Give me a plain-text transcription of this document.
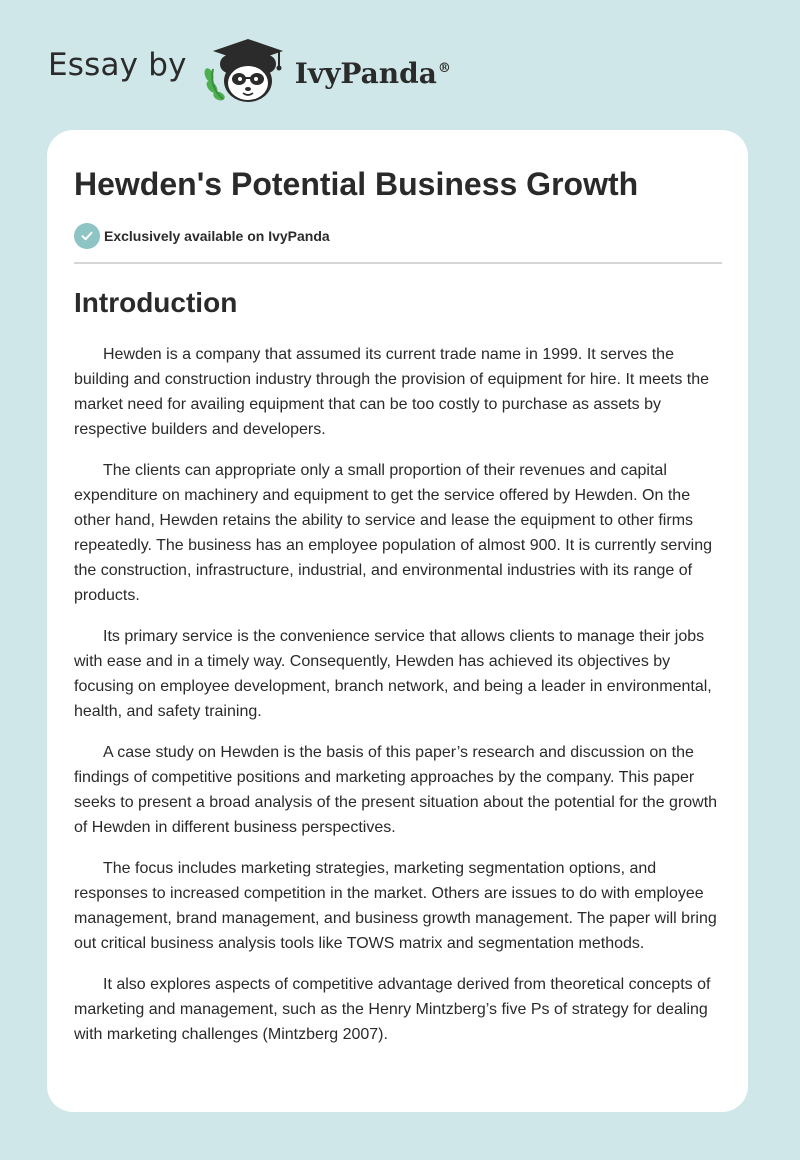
Essay by	IvyPanda®
Hewden's Potential Business Growth
Exclusively available on IvyPanda
Introduction

Hewden is a company that assumed its current trade name in 1999. It serves the building and construction industry through the provision of equipment for hire. It meets the market need for availing equipment that can be too costly to purchase as assets by respective builders and developers.

The clients can appropriate only a small proportion of their revenues and capital expenditure on machinery and equipment to get the service offered by Hewden. On the other hand, Hewden retains the ability to service and lease the equipment to other firms repeatedly. The business has an employee population of almost 900. It is currently serving the construction, infrastructure, industrial, and environmental industries with its range of products.

Its primary service is the convenience service that allows clients to manage their jobs with ease and in a timely way. Consequently, Hewden has achieved its objectives by focusing on employee development, branch network, and being a leader in environmental, health, and safety training.

A case study on Hewden is the basis of this paper’s research and discussion on the findings of competitive positions and marketing approaches by the company. This paper seeks to present a broad analysis of the present situation about the potential for the growth of Hewden in different business perspectives.

The focus includes marketing strategies, marketing segmentation options, and responses to increased competition in the market. Others are issues to do with employee management, brand management, and business growth management. The paper will bring out critical business analysis tools like TOWS matrix and segmentation methods.

It also explores aspects of competitive advantage derived from theoretical concepts of marketing and management, such as the Henry Mintzberg’s five Ps of strategy for dealing with marketing challenges (Mintzberg 2007).
